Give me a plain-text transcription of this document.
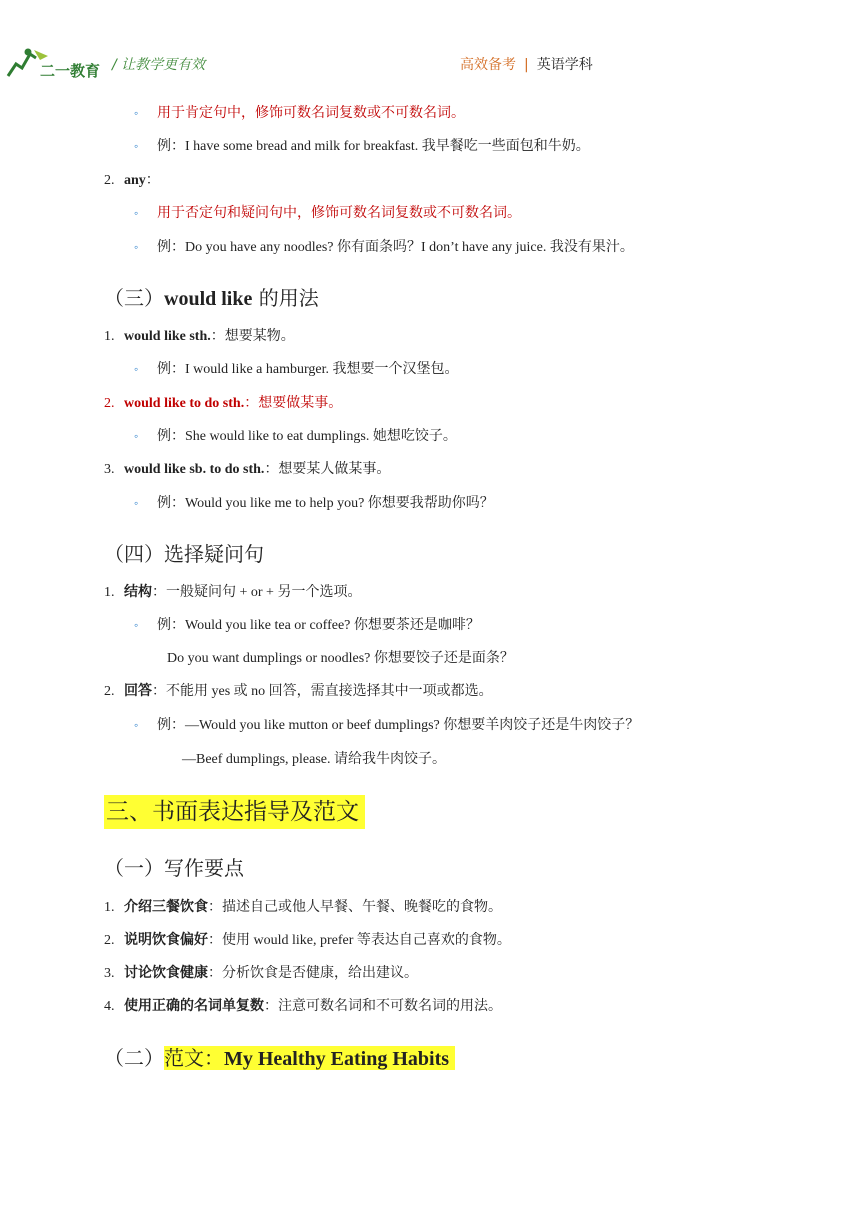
二一教育 / 让教学更有效	高效备考 | 英语学科
◦ 用于肯定句中，修饰可数名词复数或不可数名词。
◦ 例：I have some bread and milk for breakfast. 我早餐吃一些面包和牛奶。
2. any：
◦ 用于否定句和疑问句中，修饰可数名词复数或不可数名词。
◦ 例：Do you have any noodles? 你有面条吗？I don’t have any juice. 我没有果汁。
（三）would like 的用法
1. would like sth.：想要某物。
◦ 例：I would like a hamburger. 我想要一个汉堡包。
2. would like to do sth.：想要做某事。
◦ 例：She would like to eat dumplings. 她想吃饺子。
3. would like sb. to do sth.：想要某人做某事。
◦ 例：Would you like me to help you? 你想要我帮助你吗？
（四）选择疑问句
1. 结构：一般疑问句 + or + 另一个选项。
◦ 例：Would you like tea or coffee? 你想要茶还是咖啡？
Do you want dumplings or noodles? 你想要饺子还是面条？
2. 回答：不能用 yes 或 no 回答，需直接选择其中一项或都选。
◦ 例：—Would you like mutton or beef dumplings? 你想要羊肉饺子还是牛肉饺子？
—Beef dumplings, please. 请给我牛肉饺子。
三、书面表达指导及范文
（一）写作要点
1. 介绍三餐饮食：描述自己或他人早餐、午餐、晚餐吃的食物。
2. 说明饮食偏好：使用 would like, prefer 等表达自己喜欢的食物。
3. 讨论饮食健康：分析饮食是否健康，给出建议。
4. 使用正确的名词单复数：注意可数名词和不可数名词的用法。
（二）范文：My Healthy Eating Habits
